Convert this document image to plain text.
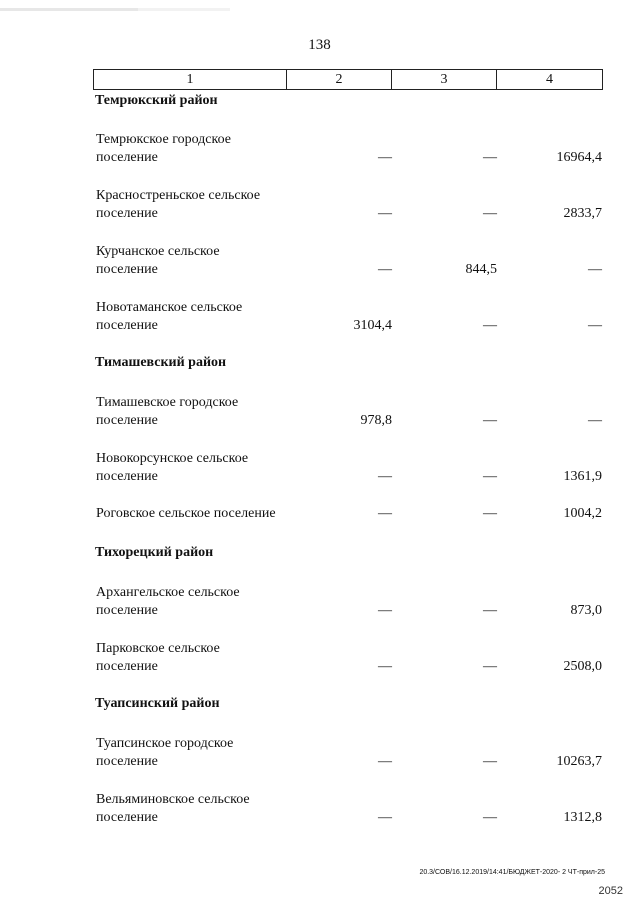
138
1	2	3	4
Темрюкский район
Темрюкское городское
поселение	—	—	16964,4
Красностреньское сельское
поселение	—	—	2833,7
Курчанское сельское
поселение	—	844,5	—
Новотаманское сельское
поселение	3104,4	—	—
Тимашевский район
Тимашевское городское
поселение	978,8	—	—
Новокорсунское сельское
поселение	—	—	1361,9
Роговское сельское поселение	—	—	1004,2
Тихорецкий район
Архангельское сельское
поселение	—	—	873,0
Парковское сельское
поселение	—	—	2508,0
Туапсинский район
Туапсинское городское
поселение	—	—	10263,7
Вельяминовское сельское
поселение	—	—	1312,8
20.3/СОВ/16.12.2019/14:41/БЮДЖЕТ-2020- 2 ЧТ-прил-25
2052
